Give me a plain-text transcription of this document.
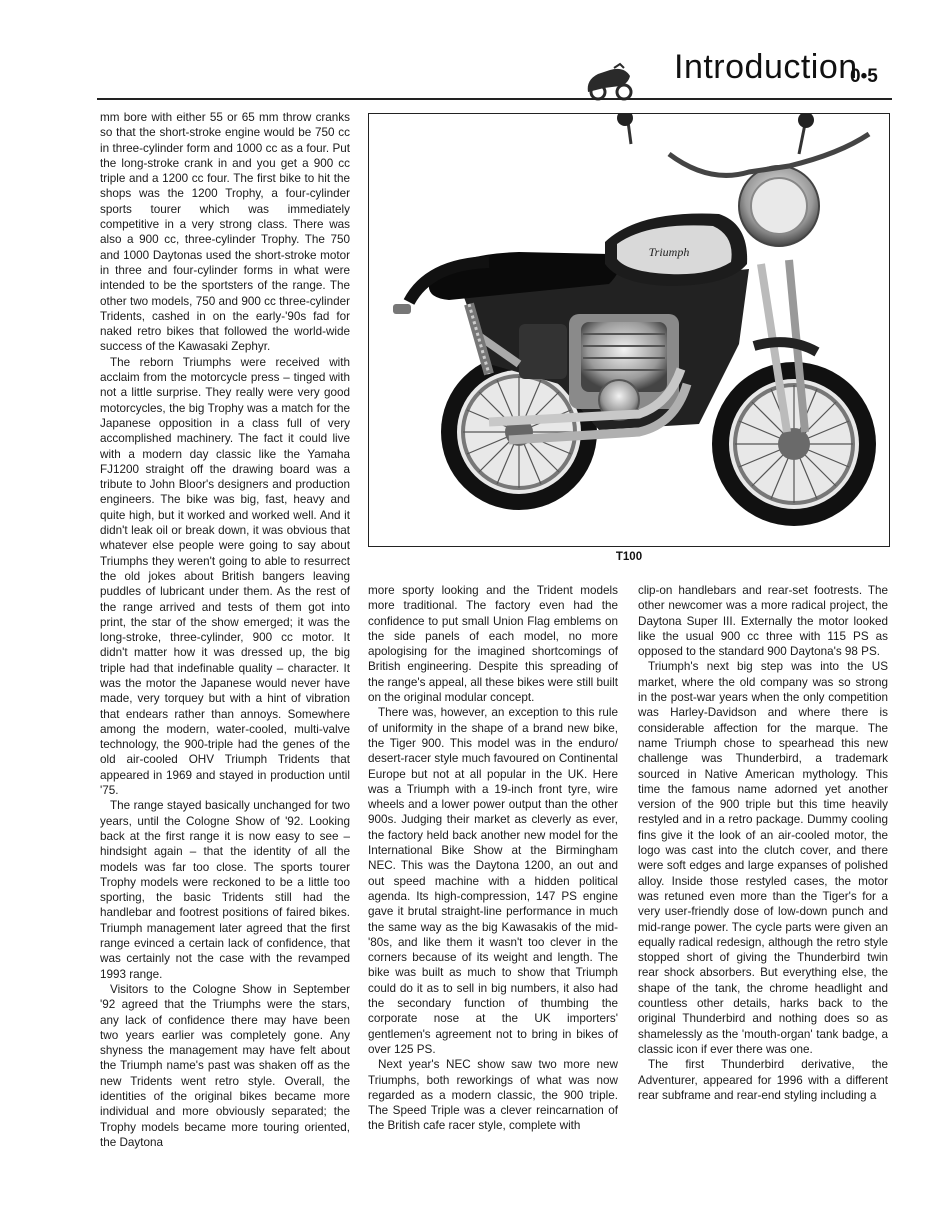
Introduction
0•5

mm bore with either 55 or 65 mm throw cranks so that the short-stroke engine would be 750 cc in three-cylinder form and 1000 cc as a four. Put the long-stroke crank in and you get a 900 cc triple and a 1200 cc four. The first bike to hit the shops was the 1200 Trophy, a four-cylinder sports tourer which was immediately competitive in a very strong class. There was also a 900 cc, three-cylinder Trophy. The 750 and 1000 Daytonas used the short-stroke motor in three and four-cylinder forms in what were intended to be the sportsters of the range. The other two models, 750 and 900 cc three-cylinder Tridents, cashed in on the early-'90s fad for naked retro bikes that followed the world-wide success of the Kawasaki Zephyr.

The reborn Triumphs were received with acclaim from the motorcycle press – tinged with not a little surprise. They really were very good motorcycles, the big Trophy was a match for the Japanese opposition in a class full of very accomplished machinery. The fact it could live with a modern day classic like the Yamaha FJ1200 straight off the drawing board was a tribute to John Bloor's designers and production engineers. The bike was big, fast, heavy and quite high, but it worked and worked well. And it didn't leak oil or break down, it was obvious that whatever else people were going to say about Triumphs they weren't going to able to resurrect the old jokes about British bangers leaving puddles of lubricant under them. As the rest of the range arrived and tests of them got into print, the star of the show emerged; it was the long-stroke, three-cylinder, 900 cc motor. It didn't matter how it was dressed up, the big triple had that indefinable quality – character. It was the motor the Japanese would never have made, very torquey but with a hint of vibration that endears rather than annoys. Somewhere among the modern, water-cooled, multi-valve technology, the 900-triple had the genes of the old air-cooled OHV Triumph Tridents that appeared in 1969 and stayed in production until '75.

The range stayed basically unchanged for two years, until the Cologne Show of '92. Looking back at the first range it is now easy to see – hindsight again – that the identity of all the models was far too close. The sports tourer Trophy models were reckoned to be a little too sporting, the basic Tridents still had the handlebar and footrest positions of faired bikes. Triumph management later agreed that the first range evinced a certain lack of confidence, that was certainly not the case with the revamped 1993 range.

Visitors to the Cologne Show in September '92 agreed that the Triumphs were the stars, any lack of confidence there may have been two years earlier was completely gone. Any shyness the management may have felt about the Triumph name's past was shaken off as the new Tridents went retro style. Overall, the identities of the original bikes became more individual and more obviously separated; the Trophy models became more touring oriented, the Daytona

Triumph
T100

more sporty looking and the Trident models more traditional. The factory even had the confidence to put small Union Flag emblems on the side panels of each model, no more apologising for the imagined shortcomings of British engineering. Despite this spreading of the range's appeal, all these bikes were still built on the original modular concept.

There was, however, an exception to this rule of uniformity in the shape of a brand new bike, the Tiger 900. This model was in the enduro/ desert-racer style much favoured on Continental Europe but not at all popular in the UK. Here was a Triumph with a 19-inch front tyre, wire wheels and a lower power output than the other 900s. Judging their market as cleverly as ever, the factory held back another new model for the International Bike Show at the Birmingham NEC. This was the Daytona 1200, an out and out speed machine with a hidden political agenda. Its high-compression, 147 PS engine gave it brutal straight-line performance in much the same way as the big Kawasakis of the mid-'80s, and like them it wasn't too clever in the corners because of its weight and length. The bike was built as much to show that Triumph could do it as to sell in big numbers, it also had the secondary function of thumbing the corporate nose at the UK importers' gentlemen's agreement not to bring in bikes of over 125 PS.

Next year's NEC show saw two more new Triumphs, both reworkings of what was now regarded as a modern classic, the 900 triple. The Speed Triple was a clever reincarnation of the British cafe racer style, complete with

clip-on handlebars and rear-set footrests. The other newcomer was a more radical project, the Daytona Super III. Externally the motor looked like the usual 900 cc three with 115 PS as opposed to the standard 900 Daytona's 98 PS.

Triumph's next big step was into the US market, where the old company was so strong in the post-war years when the only competition was Harley-Davidson and where there is considerable affection for the marque. The name Triumph chose to spearhead this new challenge was Thunderbird, a trademark sourced in Native American mythology. This time the famous name adorned yet another version of the 900 triple but this time heavily restyled and in a retro package. Dummy cooling fins give it the look of an air-cooled motor, the logo was cast into the clutch cover, and there were soft edges and large expanses of polished alloy. Inside those restyled cases, the motor was retuned even more than the Tiger's for a very user-friendly dose of low-down punch and mid-range power. The cycle parts were given an equally radical redesign, although the retro style stopped short of giving the Thunderbird twin rear shock absorbers. But everything else, the shape of the tank, the chrome headlight and countless other details, harks back to the original Thunderbird and nothing does so as shamelessly as the 'mouth-organ' tank badge, a classic icon if ever there was one.

The first Thunderbird derivative, the Adventurer, appeared for 1996 with a different rear subframe and rear-end styling including a
